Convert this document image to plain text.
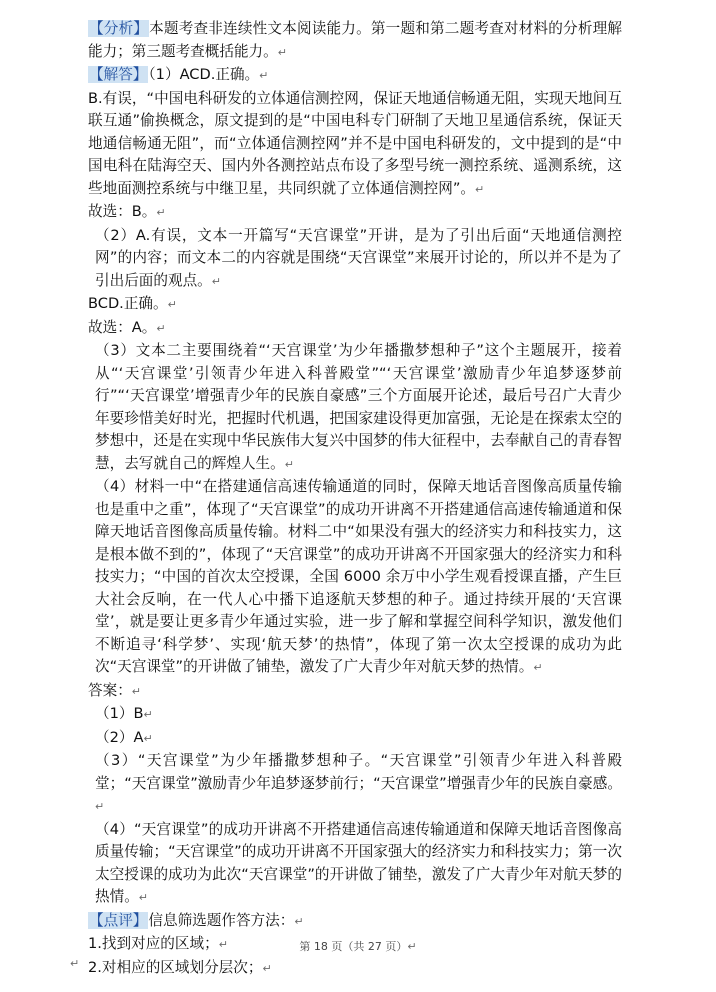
【分析】本题考查非连续性文本阅读能力。第一题和第二题考查对材料的分析理解能力；第三题考查概括能力。↵

【解答】（1）ACD.正确。↵

B.有误，“中国电科研发的立体通信测控网，保证天地通信畅通无阻，实现天地间互联互通”偷换概念，原文提到的是“中国电科专门研制了天地卫星通信系统，保证天地通信畅通无阻”，而“立体通信测控网”并不是中国电科研发的，文中提到的是“中国电科在陆海空天、国内外各测控站点布设了多型号统一测控系统、遥测系统，这些地面测控系统与中继卫星，共同织就了立体通信测控网”。↵

故选：B。↵

（2）A.有误，文本一开篇写“天宫课堂”开讲，是为了引出后面“天地通信测控网”的内容；而文本二的内容就是围绕“天宫课堂”来展开讨论的，所以并不是为了引出后面的观点。↵

BCD.正确。↵

故选：A。↵

（3）文本二主要围绕着“‘天宫课堂’为少年播撒梦想种子”这个主题展开，接着从“‘天宫课堂’引领青少年进入科普殿堂”“‘天宫课堂’激励青少年追梦逐梦前行”“‘天宫课堂’增强青少年的民族自豪感”三个方面展开论述，最后号召广大青少年要珍惜美好时光，把握时代机遇，把国家建设得更加富强，无论是在探索太空的梦想中，还是在实现中华民族伟大复兴中国梦的伟大征程中，去奉献自己的青春智慧，去写就自己的辉煌人生。↵

（4）材料一中“在搭建通信高速传输通道的同时，保障天地话音图像高质量传输也是重中之重”，体现了“天宫课堂”的成功开讲离不开搭建通信高速传输通道和保障天地话音图像高质量传输。材料二中“如果没有强大的经济实力和科技实力，这是根本做不到的”，体现了“天宫课堂”的成功开讲离不开国家强大的经济实力和科技实力；“中国的首次太空授课，全国 6000 余万中小学生观看授课直播，产生巨大社会反响，在一代人心中播下追逐航天梦想的种子。通过持续开展的‘天宫课堂’，就是要让更多青少年通过实验，进一步了解和掌握空间科学知识，激发他们不断追寻‘科学梦’、实现‘航天梦’的热情”，体现了第一次太空授课的成功为此次“天宫课堂”的开讲做了铺垫，激发了广大青少年对航天梦的热情。↵

答案：↵

（1）B↵

（2）A↵

（3）“天宫课堂”为少年播撒梦想种子。“天宫课堂”引领青少年进入科普殿堂；“天宫课堂”激励青少年追梦逐梦前行；“天宫课堂”增强青少年的民族自豪感。↵

（4）“天宫课堂”的成功开讲离不开搭建通信高速传输通道和保障天地话音图像高质量传输；“天宫课堂”的成功开讲离不开国家强大的经济实力和科技实力；第一次太空授课的成功为此次“天宫课堂”的开讲做了铺垫，激发了广大青少年对航天梦的热情。↵

【点评】信息筛选题作答方法：↵

1.找到对应的区域；↵

2.对相应的区域划分层次；↵

第 18 页（共 27 页）↵
↵
